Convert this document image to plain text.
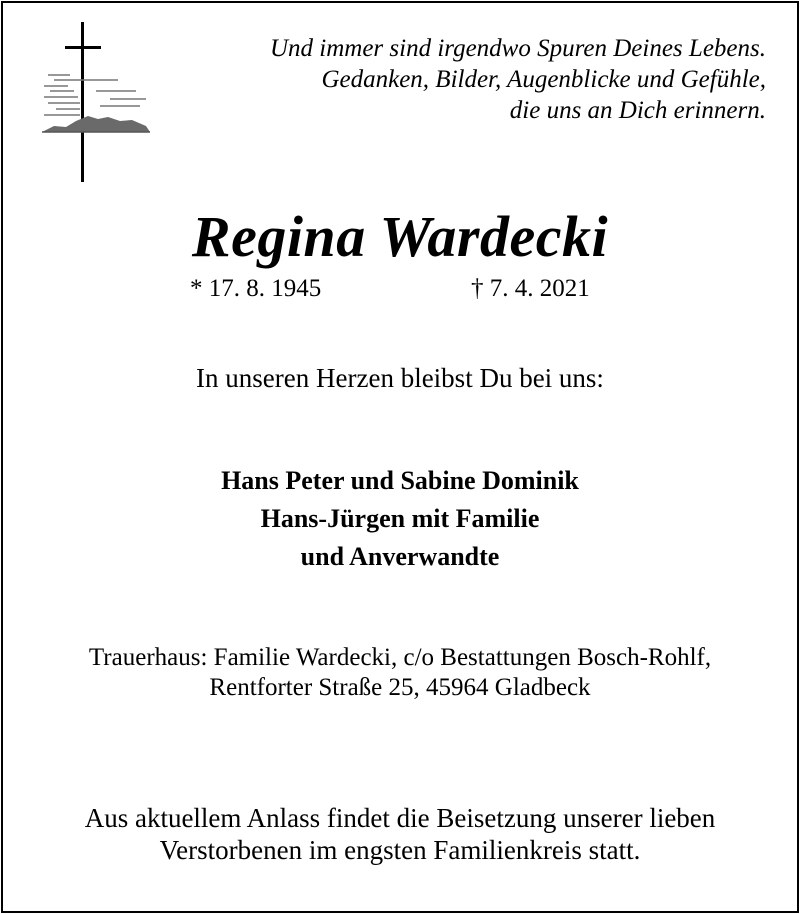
Und immer sind irgendwo Spuren Deines Lebens.
Gedanken, Bilder, Augenblicke und Gefühle,
die uns an Dich erinnern.
Regina Wardecki
* 17. 8. 1945	† 7. 4. 2021
In unseren Herzen bleibst Du bei uns:
Hans Peter und Sabine Dominik
Hans-Jürgen mit Familie
und Anverwandte
Trauerhaus: Familie Wardecki, c/o Bestattungen Bosch-Rohlf,
Rentforter Straße 25, 45964 Gladbeck
Aus aktuellem Anlass findet die Beisetzung unserer lieben
Verstorbenen im engsten Familienkreis statt.
